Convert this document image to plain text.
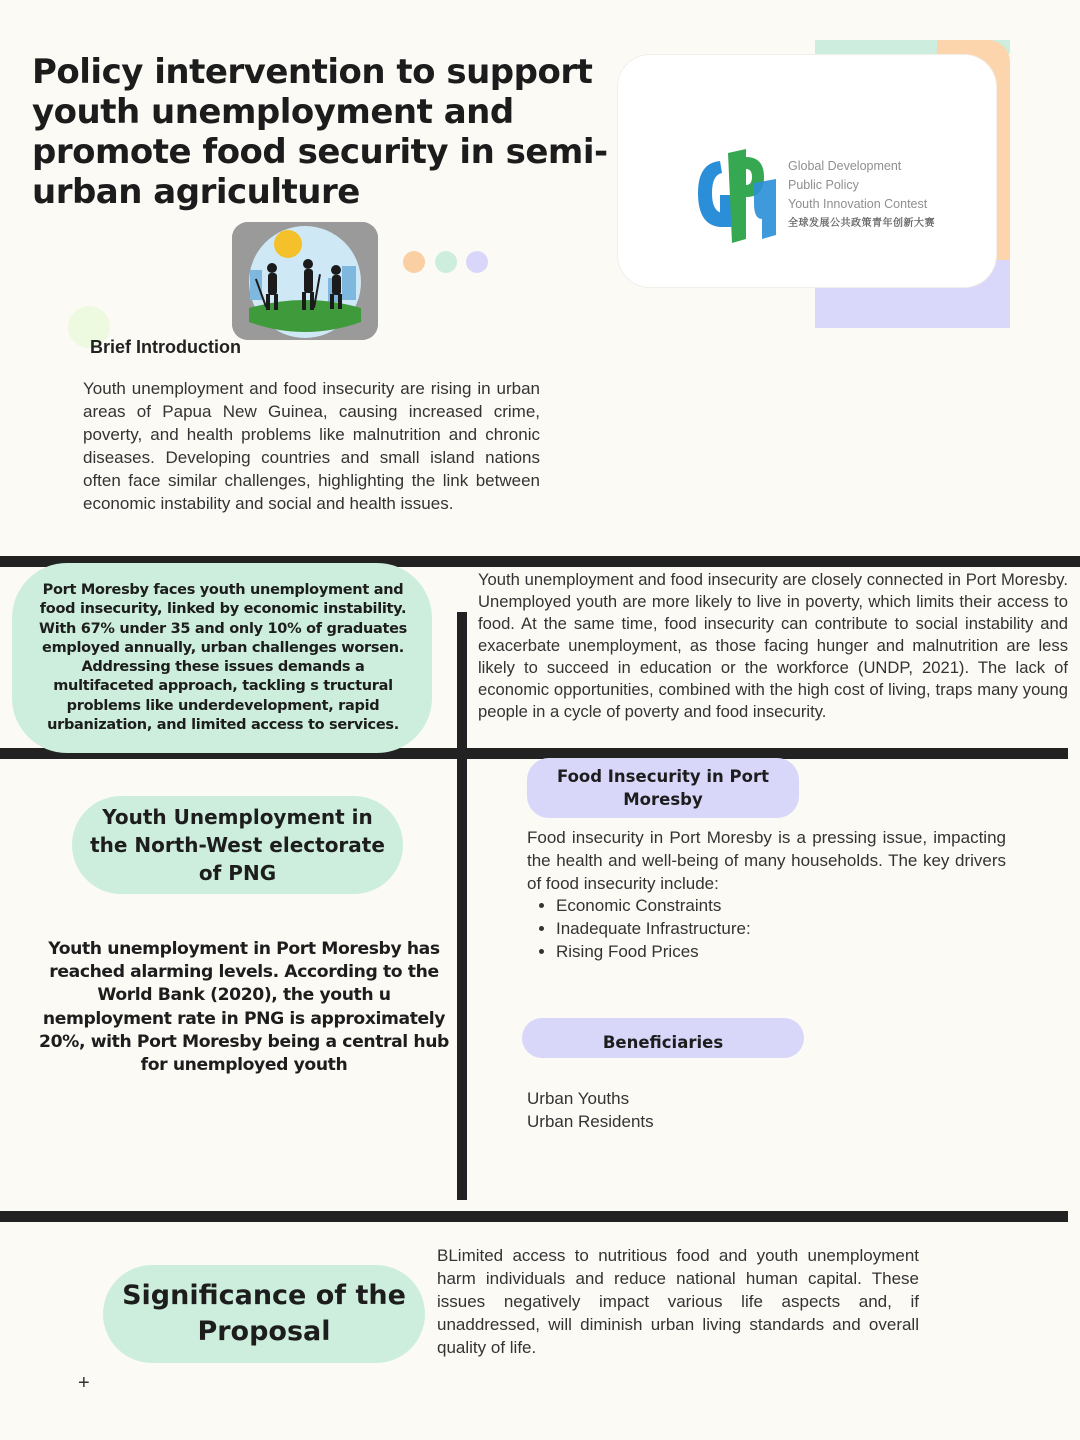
Policy intervention to support youth unemployment and promote food security in semi-urban agriculture
Global Development
Public Policy
Youth Innovation Contest
全球发展公共政策青年创新大赛
Brief Introduction

Youth unemployment and food insecurity are rising in urban areas of Papua New Guinea, causing increased crime, poverty, and health problems like malnutrition and chronic diseases. Developing countries and small island nations often face similar challenges, highlighting the link between economic instability and social and health issues.

Port Moresby faces youth unemployment and food insecurity, linked by economic instability. With 67% under 35 and only 10% of graduates employed annually, urban challenges worsen. Addressing these issues demands a multifaceted approach, tackling s tructural problems like underdevelopment, rapid urbanization, and limited access to services.

Youth unemployment and food insecurity are closely connected in Port Moresby. Unemployed youth are more likely to live in poverty, which limits their access to food. At the same time, food insecurity can contribute to social instability and exacerbate unemployment, as those facing hunger and malnutrition are less likely to succeed in education or the workforce (UNDP, 2021). The lack of economic opportunities, combined with the high cost of living, traps many young people in a cycle of poverty and food insecurity.

Youth Unemployment in the North-West electorate of PNG

Youth unemployment in Port Moresby has reached alarming levels. According to the World Bank (2020), the youth u nemployment rate in PNG is approximately 20%, with Port Moresby being a central hub for unemployed youth

Food Insecurity in Port Moresby

Food insecurity in Port Moresby is a pressing issue, impacting the health and well-being of many households. The key drivers of food insecurity include:

• Economic Constraints
• Inadequate Infrastructure:
• Rising Food Prices
Beneficiaries
Urban Youths
Urban Residents
Significance of the Proposal

BLimited access to nutritious food and youth unemployment harm individuals and reduce national human capital. These issues negatively impact various life aspects and, if unaddressed, will diminish urban living standards and overall quality of life.

+
